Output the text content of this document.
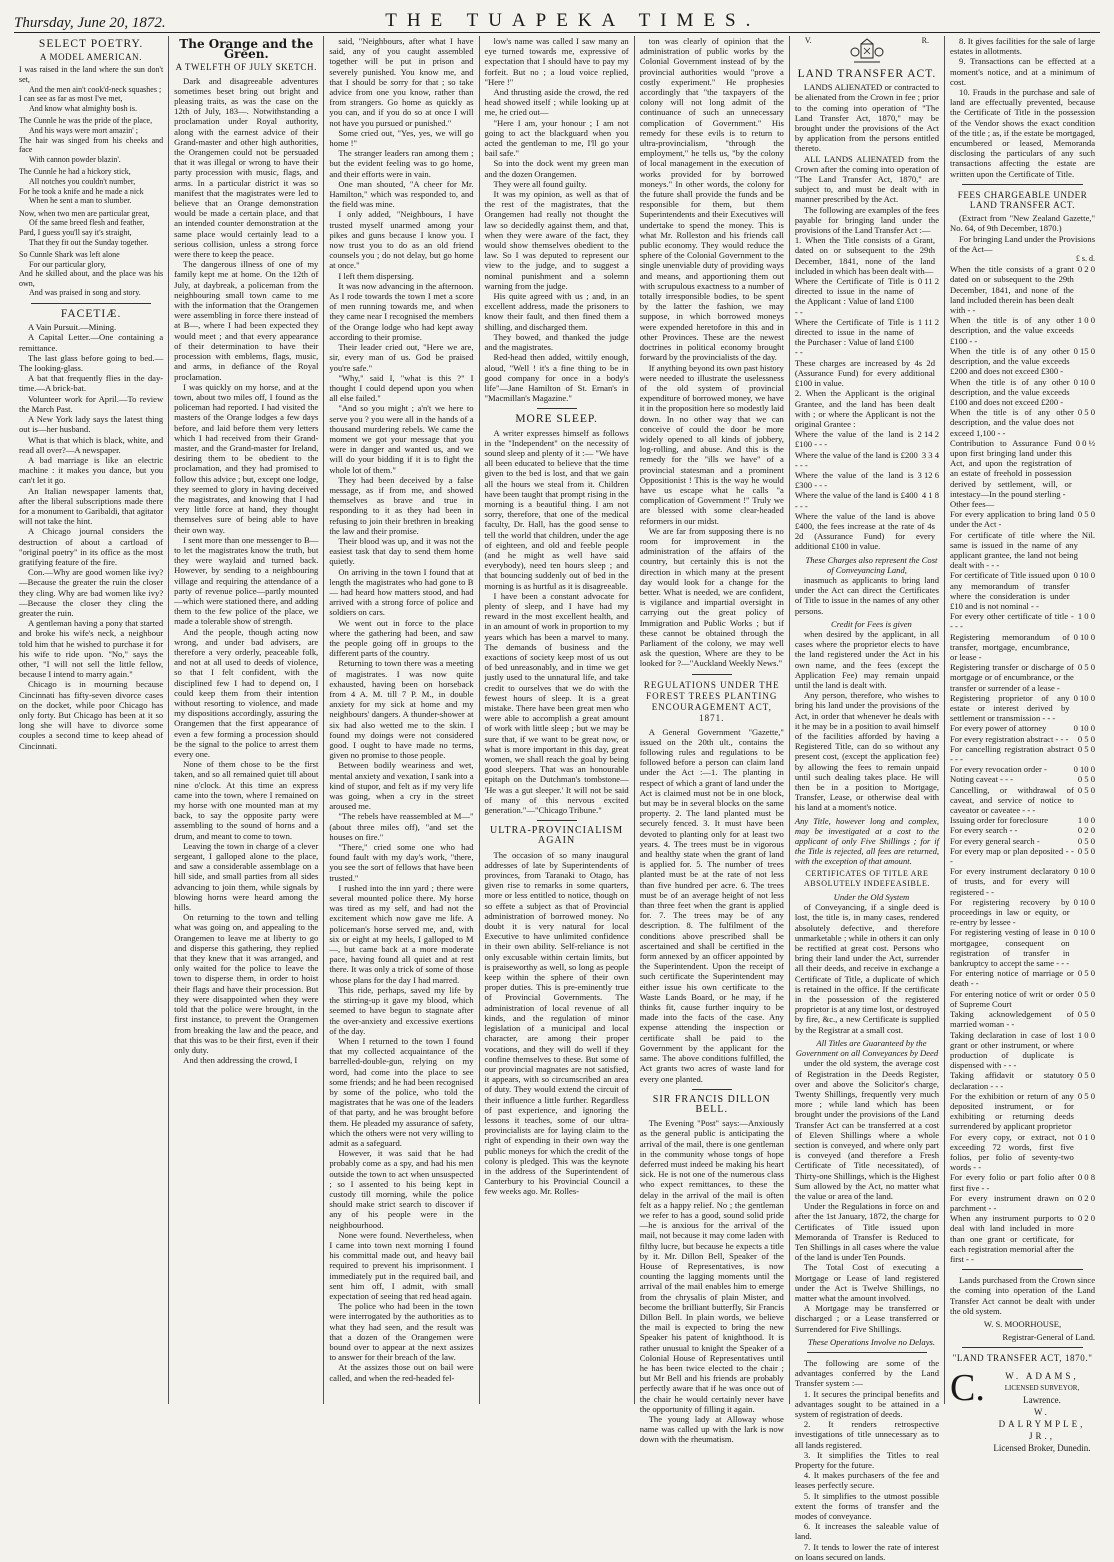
Thursday, June 20, 1872.	THE TUAPEKA TIMES.
SELECT POETRY.
A MODEL AMERICAN.
I was raised in the land where the sun don't set,
And the men ain't cook'd-neck squashes ;
I can see as far as most I've met,
And know what almighty bosh is.
The Cunnle he was the pride of the place,
And his ways were mort amazin' ;
The hair was singed from his cheeks and face
With cannon powder blazin'.
The Cunnle he had a hickory stick,
All notches you couldn't number,
For he took a knife and he made a nick
When he sent a man to slumber.
Now, when two men are particular great,
Of the same breed flesh and feather,
Pard, I guess you'll say it's straight,
That they fit out the Sunday together.
So Cunnle Shark was left alone
For our particular glory,
And he skilled about, and the place was his own,
And was praised in song and story.
FACETIÆ.

A Vain Pursuit.—Mining.

A Capital Letter.—One containing a remittance.

The last glass before going to bed.—The looking-glass.

A bat that frequently flies in the day-time.—A brick-bat.

Volunteer work for April.—To review the March Past.

A New York lady says the latest thing out is—her husband.

What is that which is black, white, and read all over?—A newspaper.

A bad marriage is like an electric machine : it makes you dance, but you can't let it go.

An Italian newspaper laments that, after the liberal subscriptions made there for a monument to Garibaldi, that agitator will not take the hint.

A Chicago journal considers the destruction of about a cartload of "original poetry" in its office as the most gratifying feature of the fire.

Con.—Why are good women like ivy? —Because the greater the ruin the closer they cling. Why are bad women like ivy?—Because the closer they cling the greater the ruin.

A gentleman having a pony that started and broke his wife's neck, a neighbour told him that he wished to purchase it for his wife to ride upon. "No," says the other, "I will not sell the little fellow, because I intend to marry again."

Chicago is in mourning because Cincinnati has fifty-seven divorce cases on the docket, while poor Chicago has only forty. But Chicago has been at it so long she will have to divorce some couples a second time to keep ahead of Cincinnati.

The Orange and the Green.
A TWELFTH OF JULY SKETCH.

Dark and disagreeable adventures sometimes beset bring out bright and pleasing traits, as was the case on the 12th of July, 183—. Notwithstanding a proclamation under Royal authority, along with the earnest advice of their Grand-master and other high authorities, the Orangemen could not be persuaded that it was illegal or wrong to have their party procession with music, flags, and arms. In a particular district it was so manifest that the magistrates were led to believe that an Orange demonstration would be made a certain place, and that an intended counter demonstration at the same place would certainly lead to a serious collision, unless a strong force were there to keep the peace.

The dangerous illness of one of my family kept me at home. On the 12th of July, at daybreak, a policeman from the neighbouring small town came to me with the information that the Orangemen were assembling in force there instead of at B—, where I had been expected they would meet ; and that every appearance of their determination to have their procession with emblems, flags, music, and arms, in defiance of the Royal proclamation.

I was quickly on my horse, and at the town, about two miles off, I found as the policeman had reported. I had visited the masters of the Orange lodges a few days before, and laid before them very letters which I had received from their Grand-master, and the Grand-master for Ireland, desiring them to be obedient to the proclamation, and they had promised to follow this advice ; but, except one lodge, they seemed to glory in having deceived the magistrates, and knowing that I had very little force at hand, they thought themselves sure of being able to have their own way.

I sent more than one messenger to B— to let the magistrates know the truth, but they were waylaid and turned back. However, by sending to a neighbouring village and requiring the attendance of a party of revenue police—partly mounted—which were stationed there, and adding them to the few police of the place, we made a tolerable show of strength.

And the people, though acting now wrong, and under bad advisers, are therefore a very orderly, peaceable folk, and not at all used to deeds of violence, so that I felt confident, with the disciplined few I had to depend on, I could keep them from their intention without resorting to violence, and made my dispositions accordingly, assuring the Orangemen that the first appearance of even a few forming a procession should be the signal to the police to arrest them every one.

None of them chose to be the first taken, and so all remained quiet till about nine o'clock. At this time an express came into the town, where I remained on my horse with one mounted man at my back, to say the opposite party were assembling to the sound of horns and a drum, and meant to come to town.

Leaving the town in charge of a clever sergeant, I galloped alone to the place, and saw a considerable assemblage on a hill side, and small parties from all sides advancing to join them, while signals by blowing horns were heard among the hills.

On returning to the town and telling what was going on, and appealing to the Orangemen to leave me at liberty to go and disperse this gathering, they replied that they knew that it was arranged, and only waited for the police to leave the town to disperse them, in order to hoist their flags and have their procession. But they were disappointed when they were told that the police were brought, in the first instance, to prevent the Orangemen from breaking the law and the peace, and that this was to be their first, even if their only duty.

And then addressing the crowd, I

said, "Neighbours, after what I have said, any of you caught assembled together will be put in prison and severely punished. You know me, and that I should be sorry for that ; so take advice from one you know, rather than from strangers. Go home as quickly as you can, and if you do so at once I will not have you pursued or punished."

Some cried out, "Yes, yes, we will go home !"

The stranger leaders ran among them ; but the evident feeling was to go home, and their efforts were in vain.

One man shouted, "A cheer for Mr. Hamilton," which was responded to, and the field was mine.

I only added, "Neighbours, I have trusted myself unarmed among your pikes and guns because I know you. I now trust you to do as an old friend counsels you ; do not delay, but go home at once."

I left them dispersing.

It was now advancing in the afternoon. As I rode towards the town I met a score of men running towards me, and when they came near I recognised the members of the Orange lodge who had kept away according to their promise.

Their leader cried out, "Here we are, sir, every man of us. God be praised you're safe."

"Why," said I, "what is this ?" I thought I could depend upon you when all else failed."

"And so you might ; a'n't we here to serve you ? you were all in the hands of a thousand murdering rebels. We came the moment we got your message that you were in danger and wanted us, and we will do your bidding if it is to fight the whole lot of them."

They had been deceived by a false message, as if from me, and showed themselves as brave and true in responding to it as they had been in refusing to join their brethren in breaking the law and their promise.

Their blood was up, and it was not the easiest task that day to send them home quietly.

On arriving in the town I found that at length the magistrates who had gone to B— had heard how matters stood, and had arrived with a strong force of police and soldiers on cars.

We went out in force to the place where the gathering had been, and saw the people going off in groups to the different parts of the country.

Returning to town there was a meeting of magistrates. I was now quite exhausted, having been on horseback from 4 A. M. till 7 P. M., in double anxiety for my sick at home and my neighbours' dangers. A thunder-shower at six had also wetted me to the skin. I found my doings were not considered good. I ought to have made no terms, given no promise to those people.

Between bodily weariness and wet, mental anxiety and vexation, I sank into a kind of stupor, and felt as if my very life was going, when a cry in the street aroused me.

"The rebels have reassembled at M—" (about three miles off), "and set the houses on fire."

"There," cried some one who had found fault with my day's work, "there, you see the sort of fellows that have been trusted."

I rushed into the inn yard ; there were several mounted police there. My horse was tired as my self, and had not the excitement which now gave me life. A policeman's horse served me, and, with six or eight at my heels, I galloped to M—, but came back at a more moderate pace, having found all quiet and at rest there. It was only a trick of some of those whose plans for the day I had marred.

This ride, perhaps, saved my life by the stirring-up it gave my blood, which seemed to have begun to stagnate after the over-anxiety and excessive exertions of the day.

When I returned to the town I found that my collected acquaintance of the barrelled-double-gun, relying on my word, had come into the place to see some friends; and he had been recognised by some of the police, who told the magistrates that he was one of the leaders of that party, and he was brought before them. He pleaded my assurance of safety, which the others were not very willing to admit as a safeguard.

However, it was said that he had probably come as a spy, and had his men outside the town to act when unsuspected ; so I assented to his being kept in custody till morning, while the police should make strict search to discover if any of his people were in the neighbourhood.

None were found. Nevertheless, when I came into town next morning I found his committal made out, and heavy bail required to prevent his imprisonment. I immediately put in the required bail, and sent him off, I admit, with small expectation of seeing that red head again.

The police who had been in the town were interrogated by the authorities as to what they had seen, and the result was that a dozen of the Orangemen were bound over to appear at the next assizes to answer for their breach of the law.

At the assizes those out on bail were called, and when the red-headed fel-

low's name was called I saw many an eye turned towards me, expressive of expectation that I should have to pay my forfeit. But no ; a loud voice replied, "Here !"

And thrusting aside the crowd, the red head showed itself ; while looking up at me, he cried out—

"Here I am, your honour ; I am not going to act the blackguard when you acted the gentleman to me, I'll go your bail safe."

So into the dock went my green man and the dozen Orangemen.

They were all found guilty.

It was my opinion, as well as that of the rest of the magistrates, that the Orangemen had really not thought the law so decidedly against them, and that, when they were aware of the fact, they would show themselves obedient to the law. So I was deputed to represent our view to the judge, and to suggest a nominal punishment and a solemn warning from the judge.

His quite agreed with us ; and, in an excellent address, made the prisoners to know their fault, and then fined them a shilling, and discharged them.

They bowed, and thanked the judge and the magistrates.

Red-head then added, wittily enough, aloud, "Well ! it's a fine thing to be in good company for once in a body's life"—Jane Hamilton of St. Ernan's in "Macmillan's Magazine."

MORE SLEEP.

A writer expresses himself as follows in the "Independent" on the necessity of sound sleep and plenty of it :— "We have all been educated to believe that the time given to the bed is lost, and that we gain all the hours we steal from it. Children have been taught that prompt rising in the morning is a beautiful thing. I am not sorry, therefore, that one of the medical faculty, Dr. Hall, has the good sense to tell the world that children, under the age of eighteen, and old and feeble people (and he might as well have said everybody), need ten hours sleep ; and that bouncing suddenly out of bed in the morning is as hurtful as it is disagreeable.

I have been a constant advocate for plenty of sleep, and I have had my reward in the most excellent health, and in an amount of work in proportion to my years which has been a marvel to many. The demands of business and the exactions of society keep most of us out of bed unreasonably, and in time we get justly used to the unnatural life, and take credit to ourselves that we do with the fewest hours of sleep. It is a great mistake. There have been great men who were able to accomplish a great amount of work with little sleep ; but we may be sure that, if we want to be great now, or what is more important in this day, great women, we shall reach the goal by being good sleepers. That was an honourable epitaph on the Dutchman's tombstone— 'He was a gut sleeper.' It will not be said of many of this nervous excited generation."—"Chicago Tribune."

ULTRA-PROVINCIALISM AGAIN

The occasion of so many inaugural addresses of late by Superintendents of provinces, from Taranaki to Otago, has given rise to remarks in some quarters, more or less entitled to notice, though on so effete a subject as that of Provincial administration of borrowed money. No doubt it is very natural for local Executive to have unlimited confidence in their own ability. Self-reliance is not only excusable within certain limits, but is praiseworthy as well, so long as people keep within the sphere of their own proper duties. This is pre-eminently true of Provincial Governments. The administration of local revenue of all kinds, and the regulation of minor legislation of a municipal and local character, are among their proper vocations, and they will do well if they confine themselves to these. But some of our provincial magnates are not satisfied, it appears, with so circumscribed an area of duty. They would extend the circuit of their influence a little further. Regardless of past experience, and ignoring the lessons it teaches, some of our ultra-provincialists are for laying claim to the right of expending in their own way the public moneys for which the credit of the colony is pledged. This was the keynote in the address of the Superintendent of Canterbury to his Provincial Council a few weeks ago. Mr. Rolles-

ton was clearly of opinion that the administration of public works by the Colonial Government instead of by the provincial authorities would "prove a costly experiment." He prophesies accordingly that "the taxpayers of the colony will not long admit of the continuance of such an unnecessary complication of Government." His remedy for these evils is to return to ultra-provincialism, "through the employment," he tells us, "by the colony of local management in the execution of works provided for by borrowed moneys." In other words, the colony for the future shall provide the funds and be responsible for them, but them Superintendents and their Executives will undertake to spend the money. This is what Mr. Rolleston and his friends call public economy. They would reduce the sphere of the Colonial Government to the single unenviable duty of providing ways and means, and apportioning them out with scrupulous exactness to a number of totally irresponsible bodies, to be spent by the latter the fashion, we may suppose, in which borrowed moneys were expended heretofore in this and in other Provinces. These are the newest doctrines in political economy brought forward by the provincialists of the day.

If anything beyond its own past history were needed to illustrate the uselessness of the old system of provincial expenditure of borrowed money, we have it in the proposition here so modestly laid down. In no other way that we can conceive of could the door be more widely opened to all kinds of jobbery, log-rolling, and abuse. And this is the remedy for the "ills we have" of a provincial statesman and a prominent Oppositionist ! This is the way he would have us escape what he calls "a complication of Government !" Truly we are blessed with some clear-headed reformers in our midst.

We are far from supposing there is no room for improvement in the administration of the affairs of the country, but certainly this is not the direction in which many at the present day would look for a change for the better. What is needed, we are confident, is vigilance and impartial oversight in carrying out the great policy of Immigration and Public Works ; but if these cannot be obtained through the Parliament of the colony, we may well ask the question, Where are they to be looked for ?—"Auckland Weekly News."

REGULATIONS UNDER THE FOREST TREES PLANTING ENCOURAGEMENT ACT, 1871.

A General Government "Gazette," issued on the 20th ult., contains the following rules and regulations to be followed before a person can claim land under the Act :—1. The planting in respect of which a grant of land under the Act is claimed must not be in one block, but may be in several blocks on the same property. 2. The land planted must be securely fenced. 3. It must have been devoted to planting only for at least two years. 4. The trees must be in vigorous and healthy state when the grant of land is applied for. 5. The number of trees planted must be at the rate of not less than five hundred per acre. 6. The trees must be of an average height of not less than three feet when the grant is applied for. 7. The trees may be of any description. 8. The fulfilment of the conditions above prescribed shall be ascertained and shall be certified in the form annexed by an officer appointed by the Superintendent. Upon the receipt of such certificate the Superintendent may either issue his own certificate to the Waste Lands Board, or he may, if he thinks fit, cause further inquiry to be made into the facts of the case. Any expense attending the inspection or certificate shall be paid to the Government by the applicant for the same. The above conditions fulfilled, the Act grants two acres of waste land for every one planted.

SIR FRANCIS DILLON BELL.

The Evening "Post" says:—Anxiously as the general public is anticipating the arrival of the mail, there is one gentleman in the community whose tongs of hope deferred must indeed be making his heart sick. He is not one of the numerous class who expect remittances, to these the delay in the arrival of the mail is often felt as a happy relief. No ; the gentleman we refer to has a good, sound solid pride—he is anxious for the arrival of the mail, not because it may come laden with filthy lucre, but because he expects a title by it. Mr. Dillon Bell, Speaker of the House of Representatives, is now counting the lagging moments until the arrival of the mail enables him to emerge from the chrysalis of plain Mister, and become the brilliant butterfly, Sir Francis Dillon Bell. In plain words, we believe the mail is expected to bring the new Speaker his patent of knighthood. It is rather unusual to knight the Speaker of a Colonial House of Representatives until he has been twice elected to the chair ; but Mr Bell and his friends are probably perfectly aware that if he was once out of the chair he would certainly never have the opportunity of filling it again.

The young lady at Alloway whose name was called up with the lark is now down with the rheumatism.

V.	R.
LAND TRANSFER ACT.

LANDS ALIENATED or contracted to be alienated from the Crown in fee ; prior to the coming into operation of "The Land Transfer Act, 1870," may be brought under the provisions of the Act by application from the persons entitled thereto.

ALL LANDS ALIENATED from the Crown after the coming into operation of "The Land Transfer Act, 1870," are subject to, and must be dealt with in manner prescribed by the Act.

The following are examples of the fees payable for bringing land under the provisions of the Land Transfer Act :—

1. When the Title consists of a Grant, dated on or subsequent to the 29th December, 1841, none of the land included in which has been dealt with—
Where the Certificate of Title is directed to issue in the name of the Applicant : Value of land £100 - -
0 11 2
Where the Certificate of Title is directed to issue in the name of the Purchaser : Value of land £100 - -
1 11 2
These charges are increased by 4s 2d (Assurance Fund) for every additional £100 in value.
2. When the Applicant is the original Grantee, and the land has been dealt with ; or where the Applicant is not the original Grantee :
Where the value of the land is £100 - - -
2 14 2
Where the value of the land is £200 - - -
3 3 4
Where the value of the land is £300 - - -
3 12 6
Where the value of the land is £400 - - -
4 1 8
Where the value of the land is above £400, the fees increase at the rate of 4s 2d (Assurance Fund) for every additional £100 in value.

These Charges also represent the Cost of Conveyancing Land,

inasmuch as applicants to bring land under the Act can direct the Certificates of Title to issue in the names of any other persons.

Credit for Fees is given

when desired by the applicant, in all cases where the proprietor elects to have the land registered under the Act in his own name, and the fees (except the Application Fee) may remain unpaid until the land is dealt with.

Any person, therefore, who wishes to bring his land under the provisions of the Act, in order that whenever he deals with it he may be in a position to avail himself of the facilities afforded by having a Registered Title, can do so without any present cost, (except the application fee) by allowing the fees to remain unpaid until such dealing takes place. He will then be in a position to Mortgage, Transfer, Lease, or otherwise deal with his land at a moment's notice.

Any Title, however long and complex, may be investigated at a cost to the applicant of only Five Shillings ; for if the Title is rejected, all fees are returned, with the exception of that amount.

CERTIFICATES OF TITLE ARE ABSOLUTELY INDEFEASIBLE.

Under the Old System

of Conveyancing, if a single deed is lost, the title is, in many cases, rendered absolutely defective, and therefore unmarketable ; while in others it can only be rectified at great cost. Persons who bring their land under the Act, surrender all their deeds, and receive in exchange a Certificate of Title, a duplicate of which is retained in the office. If the certificate in the possession of the registered proprietor is at any time lost, or destroyed by fire, &c., a new Certificate is supplied by the Registrar at a small cost.

All Titles are Guaranteed by the Government on all Conveyances by Deed

under the old system, the average cost of Registration in the Deeds Register, over and above the Solicitor's charge, Twenty Shillings, frequently very much more ; while land which has been brought under the provisions of the Land Transfer Act can be transferred at a cost of Eleven Shillings where a whole section is conveyed, and where only part is conveyed (and therefore a Fresh Certificate of Title necessitated), of Thirty-one Shillings, which is the Highest Sum allowed by the Act, no matter what the value or area of the land.

Under the Regulations in force on and after the 1st January, 1872, the charge for Certificates of Title issued upon Memoranda of Transfer is Reduced to Ten Shillings in all cases where the value of the land is under Ten Pounds.

The Total Cost of executing a Mortgage or Lease of land registered under the Act is Twelve Shillings, no matter what the amount involved.

A Mortgage may be transferred or discharged ; or a Lease transferred or Surrendered for Five Shillings.

These Operations Involve no Delays.

The following are some of the advantages conferred by the Land Transfer system :—

1. It secures the principal benefits and advantages sought to be attained in a system of registration of deeds.

2. It renders retrospective investigations of title unnecessary as to all lands registered.

3. It simplifies the Titles to real Property for the future.

4. It makes purchasers of the fee and leases perfectly secure.

5. It simplifies to the utmost possible extent the forms of transfer and the modes of conveyance.

6. It increases the saleable value of land.

7. It tends to lower the rate of interest on loans secured on lands.

8. It gives facilities for the sale of large estates in allotments.

9. Transactions can be effected at a moment's notice, and at a minimum of cost.

10. Frauds in the purchase and sale of land are effectually prevented, because the Certificate of Title in the possession of the Vendor shows the exact condition of the title ; as, if the estate be mortgaged, encumbered or leased, Memoranda disclosing the particulars of any such transactions affecting the estate are written upon the Certificate of Title.

FEES CHARGEABLE UNDER LAND TRANSFER ACT.

(Extract from "New Zealand Gazette," No. 64, of 9th December, 1870.)

For bringing Land under the Provisions of the Act—

£ s. d.
When the title consists of a grant dated on or subsequent to the 29th December, 1841, and none of the land included therein has been dealt with - -
0 2 0
When the title is of any other description, and the value exceeds £100 - -
1 0 0
When the title is of any other description, and the value exceeds £200 and does not exceed £300 -
0 15 0
When the title is of any other description, and the value exceeds £100 and does not exceed £200 -
0 10 0
When the title is of any other description, and the value does not exceed 1,100 - -
0 5 0
Contribution to Assurance Fund upon first bringing land under this Act, and upon the registration of an estate of freehold in possession derived by settlement, will, or intestacy—In the pound sterling -
0 0 ½
Other fees—
For every application to bring land under the Act -
0 5 0
For certificate of title where the same is issued in the name of any applicant grantee, the land not being dealt with - - -
Nil.
For certificate of Title issued upon any memorandum of transfer where the consideration is under £10 and is not nominal - -
0 10 0
For every other certificate of title - - - -
1 0 0
Registering memorandum of transfer, mortgage, encumbrance, or lease -
0 10 0
Registering transfer or discharge of mortgage or of encumbrance, or the transfer or surrender of a lease -
0 5 0
Registering proprietor of any estate or interest derived by settlement or transmission - - -
0 10 0
For every power of attorney	0 10 0
For every registration abstract - - -	0 5 0
For cancelling registration abstract - - -
0 5 0
For every revocation order -	0 10 0
Noting caveat - - -	0 5 0
Cancelling, or withdrawal of caveat, and service of notice to caveator or caveatee - - -
0 5 0
Issuing order for foreclosure	1 0 0
For every search - -	0 2 0
For every general search -	0 5 0
For every map or plan deposited - - -
0 5 0
For every instrument declaratory of trusts, and for every will registered - -
0 10 0
For registering recovery by proceedings in law or equity, or re-entry by lessee -
0 10 0
For registering vesting of lease in mortgagee, consequent on registration of transfer in bankruptcy to accept the same - - -
0 10 0
For entering notice of marriage or death - -
0 5 0
For entering notice of writ or order of Supreme Court
0 5 0
Taking acknowledgement of married woman - -
0 5 0
Taking declaration in case of lost grant or other instrument, or where production of duplicate is dispensed with - - -
1 0 0
Taking affidavit or statutory declaration - - -
0 5 0
For the exhibition or return of any deposited instrument, or for exhibiting or returning deeds surrendered by applicant proprietor
0 5 0
For every copy, or extract, not exceeding 72 words, first five folios, per folio of seventy-two words - -
0 1 0
For every folio or part folio after first five - -
0 0 8
For every instrument drawn on parchment - -
0 2 0
When any instrument purports to deal with land included in more than one grant or certificate, for each registration memorial after the first - -
0 2 0

Lands purchased from the Crown since the coming into operation of the Land Transfer Act cannot be dealt with under the old system.

W. S. MOORHOUSE,
Registrar-General of Land.
"LAND TRANSFER ACT, 1870."
C.	W. ADAMS,
LICENSED SURVEYOR,
Lawrence.
W. DALRYMPLE, JR.,
Licensed Broker, Dunedin.
